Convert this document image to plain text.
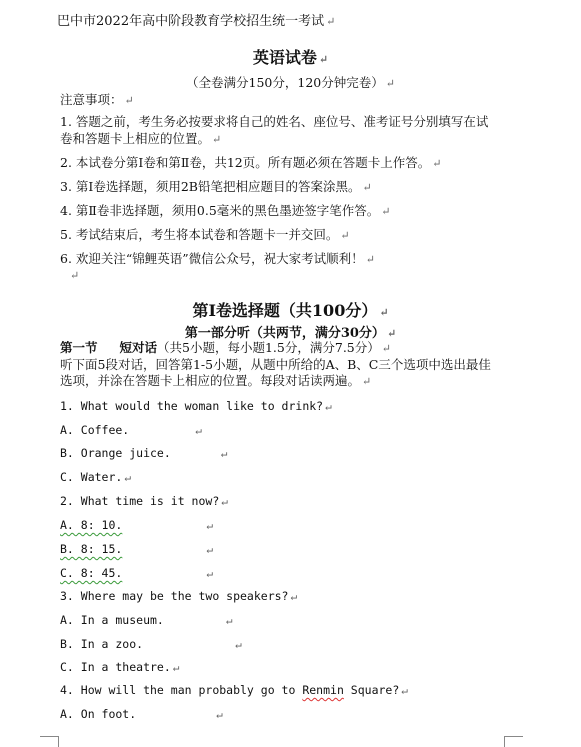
巴中市2022年高中阶段教育学校招生统一考试 ↵
英语试卷 ↵
（全卷满分150分，120分钟完卷） ↵
注意事项： ↵
1. 答题之前，考生务必按要求将自己的姓名、座位号、准考证号分别填写在试
卷和答题卡上相应的位置。 ↵
2. 本试卷分第Ⅰ卷和第Ⅱ卷，共12页。所有题必须在答题卡上作答。 ↵
3. 第Ⅰ卷选择题，须用2B铅笔把相应题目的答案涂黑。 ↵
4. 第Ⅱ卷非选择题，须用0.5毫米的黑色墨迹签字笔作答。 ↵
5. 考试结束后，考生将本试卷和答题卡一并交回。 ↵
6. 欢迎关注“锦鲤英语”微信公众号，祝大家考试顺利！ ↵
↵
第Ⅰ卷选择题（共100分） ↵
第一部分听（共两节，满分30分） ↵
第一节 短对话（共5小题，每小题1.5分，满分7.5分） ↵
听下面5段对话，回答第1-5小题，从题中所给的A、B、C三个选项中选出最佳
选项，并涂在答题卡上相应的位置。每段对话读两遍。 ↵
1. What would the woman like to drink? ↵
A. Coffee.	↵
B. Orange juice.	↵
C. Water. ↵
2. What time is it now? ↵
A. 8: 10.	↵
B. 8: 15.	↵
C. 8: 45.	↵
3. Where may be the two speakers? ↵
A. In a museum.	↵
B. In a zoo.	↵
C. In a theatre. ↵
4. How will the man probably go to Renmin Square? ↵
A. On foot.	↵
